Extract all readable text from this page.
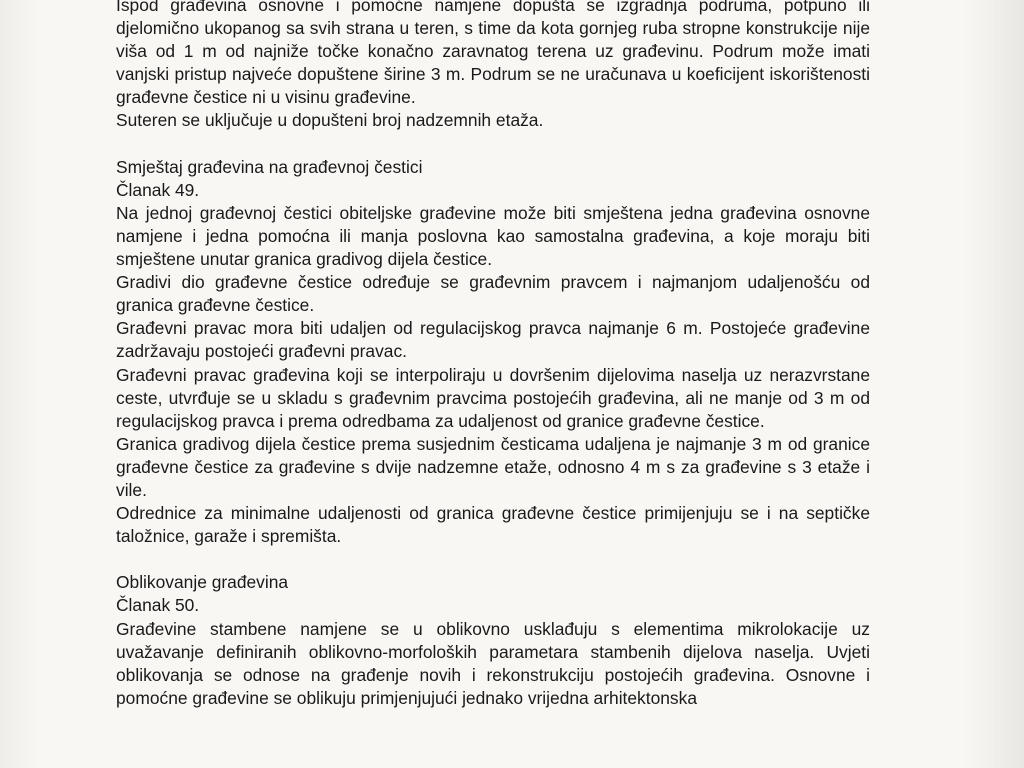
Ispod građevina osnovne i pomoćne namjene dopušta se izgradnja podruma, potpuno ili djelomično ukopanog sa svih strana u teren, s time da kota gornjeg ruba stropne konstrukcije nije viša od 1 m od najniže točke konačno zaravnatog terena uz građevinu. Podrum može imati vanjski pristup najveće dopuštene širine 3 m. Podrum se ne uračunava u koeficijent iskorištenosti građevne čestice ni u visinu građevine.

Suteren se uključuje u dopušteni broj nadzemnih etaža.

Smještaj građevina na građevnoj čestici

Članak 49.

Na jednoj građevnoj čestici obiteljske građevine može biti smještena jedna građevina osnovne namjene i jedna pomoćna ili manja poslovna kao samostalna građevina, a koje moraju biti smještene unutar granica gradivog dijela čestice.

Gradivi dio građevne čestice određuje se građevnim pravcem i najmanjom udaljenošću od granica građevne čestice.

Građevni pravac mora biti udaljen od regulacijskog pravca najmanje 6 m. Postojeće građevine zadržavaju postojeći građevni pravac.

Građevni pravac građevina koji se interpoliraju u dovršenim dijelovima naselja uz nerazvrstane ceste, utvrđuje se u skladu s građevnim pravcima postojećih građevina, ali ne manje od 3 m od regulacijskog pravca i prema odredbama za udaljenost od granice građevne čestice.

Granica gradivog dijela čestice prema susjednim česticama udaljena je najmanje 3 m od granice građevne čestice za građevine s dvije nadzemne etaže, odnosno 4 m s za građevine s 3 etaže i vile.

Odrednice za minimalne udaljenosti od granica građevne čestice primijenjuju se i na septičke taložnice, garaže i spremišta.

Oblikovanje građevina

Članak 50.

Građevine stambene namjene se u oblikovno usklađuju s elementima mikrolokacije uz uvažavanje definiranih oblikovno-morfoloških parametara stambenih dijelova naselja. Uvjeti oblikovanja se odnose na građenje novih i rekonstrukciju postojećih građevina. Osnovne i pomoćne građevine se oblikuju primjenjujući jednako vrijedna arhitektonska
